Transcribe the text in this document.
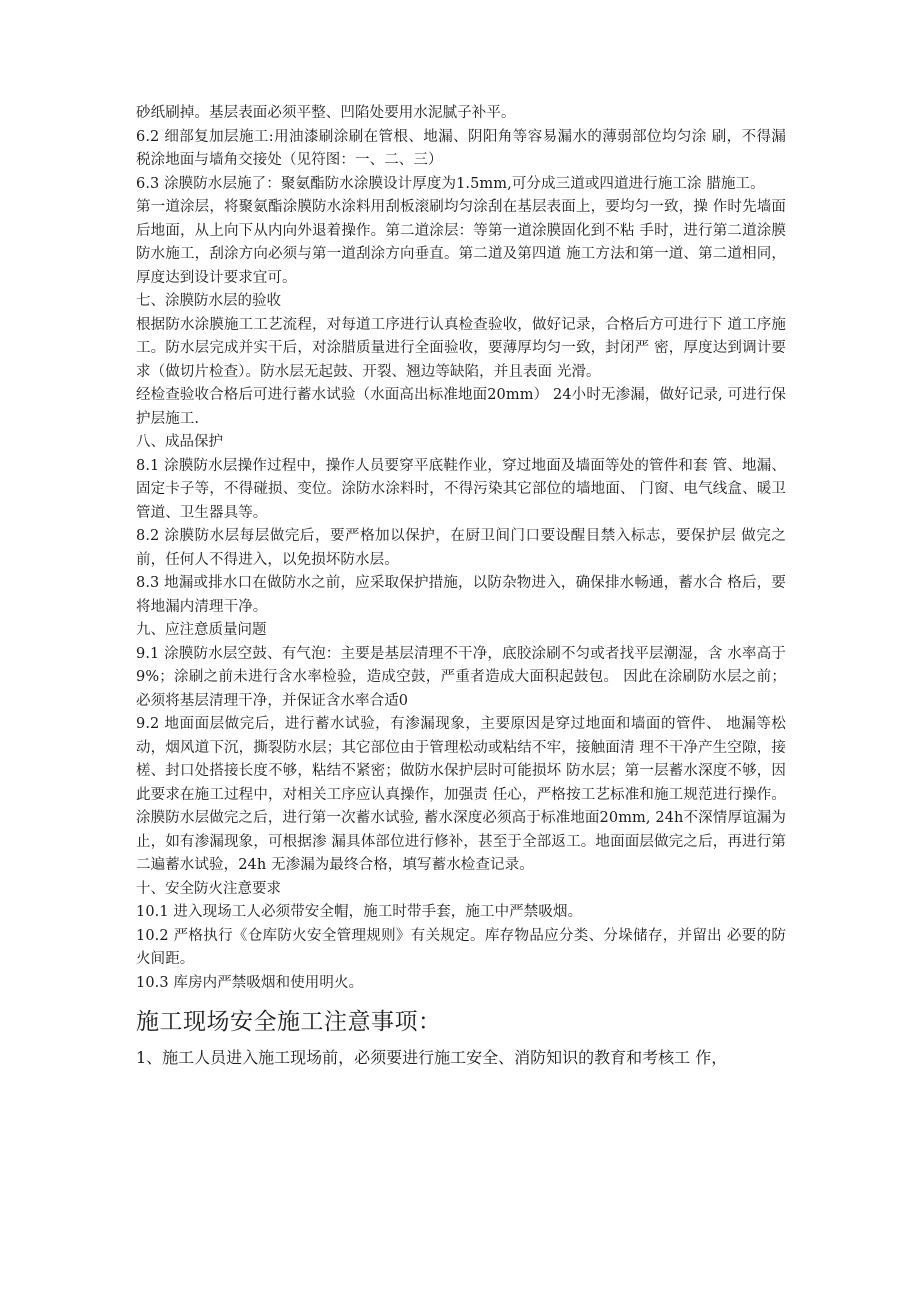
砂纸刷掉。基层表面必须平整、凹陷处要用水泥腻子补平。

6.2 细部复加层施工:用油漆刷涂刷在管根、地漏、阴阳角等容易漏水的薄弱部位均匀涂 刷，不得漏 税涂地面与墙角交接处（见符图：一、二、三）

6.3 涂膜防水层施了：聚氨酯防水涂膜设计厚度为1.5mm,可分成三道或四道进行施工涂 腊施工。

第一道涂层，将聚氨酯涂膜防水涂料用刮板滚刷均匀涂刮在基层表面上，要均匀一致，操 作时先墙面后地面，从上向下从内向外退着操作。第二道涂层：等第一道涂膜固化到不粘 手时，进行第二道涂膜防水施工，刮涂方向必须与第一道刮涂方向垂直。第二道及第四道 施工方法和第一道、第二道相同，厚度达到设计要求宜可。

七、涂膜防水层的验收

根据防水涂膜施工工艺流程，对每道工序进行认真检查验收，做好记录，合格后方可进行下 道工序施工。防水层完成并实干后，对涂腊质量进行全面验收，要薄厚均匀一致，封闭严 密，厚度达到调计要求（做切片检查）。防水层无起鼓、开裂、翘边等缺陷，并且表面 光滑。

经检查验收合格后可进行蓄水试验（水面高出标准地面20mm） 24小时无渗漏，做好记录, 可进行保护层施工.

八、成品保护

8.1 涂膜防水层操作过程中，操作人员要穿平底鞋作业，穿过地面及墙面等处的管件和套 管、地漏、固定卡子等，不得碰损、变位。涂防水涂料时，不得污染其它部位的墙地面、 门窗、电气线盒、暖卫管道、卫生器具等。

8.2 涂膜防水层每层做完后，要严格加以保护，在厨卫间门口要设醒目禁入标志，要保护层 做完之前，任何人不得进入，以免损坏防水层。

8.3 地漏或排水口在做防水之前，应采取保护措施，以防杂物进入，确保排水畅通，蓄水合 格后，要将地漏内清理干净。

九、应注意质量问题

9.1 涂膜防水层空鼓、有气泡：主要是基层清理不干净，底胶涂刷不匀或者找平层潮湿，含 水率高于9%；涂刷之前未进行含水率检验，造成空鼓，严重者造成大面积起鼓包。 因此在涂刷防水层之前；必须将基层清理干净，并保证含水率合适0

9.2 地面面层做完后，进行蓄水试验，有渗漏现象，主要原因是穿过地面和墙面的管件、 地漏等松动，烟风道下沉，撕裂防水层；其它部位由于管理松动或粘结不牢，接触面清 理不干净产生空隙，接槎、封口处搭接长度不够，粘结不紧密；做防水保护层时可能损坏 防水层；第一层蓄水深度不够，因此要求在施工过程中，对相关工序应认真操作，加强责 任心，严格按工艺标准和施工规范进行操作。涂膜防水层做完之后，进行第一次蓄水试验, 蓄水深度必须高于标准地面20mm, 24h不深情厚谊漏为止，如有渗漏现象，可根据渗 漏具体部位进行修补，甚至于全部返工。地面面层做完之后，再进行第二遍蓄水试验，24h 无渗漏为最终合格，填写蓄水检查记录。

十、安全防火注意要求

10.1 进入现场工人必须带安全帽，施工时带手套，施工中严禁吸烟。

10.2 严格执行《仓库防火安全管理规则》有关规定。库存物品应分类、分垛储存，并留出 必要的防火间距。

10.3 库房内严禁吸烟和使用明火。

施工现场安全施工注意事项：

1、施工人员进入施工现场前，必须要进行施工安全、消防知识的教育和考核工 作，
